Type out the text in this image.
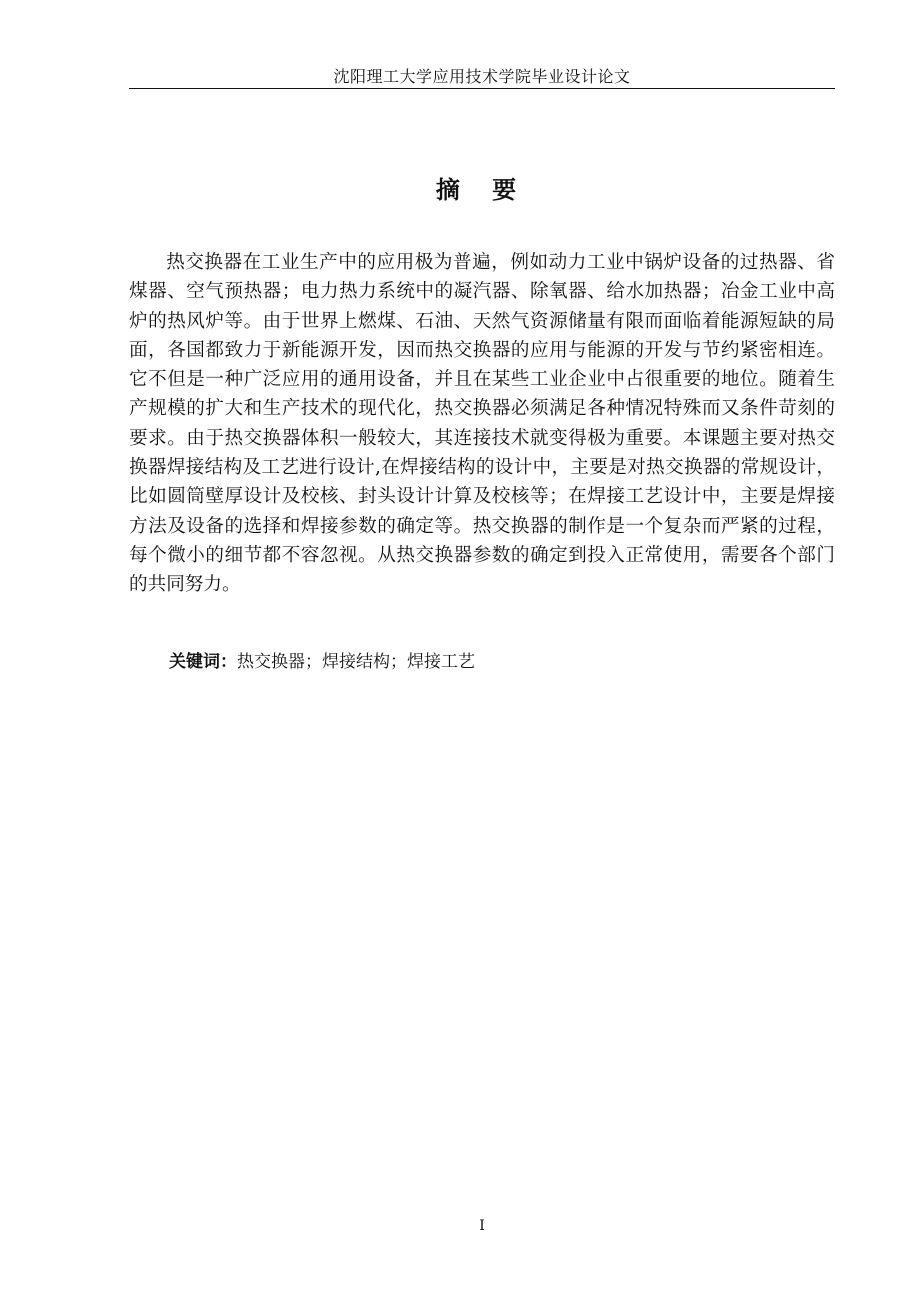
沈阳理工大学应用技术学院毕业设计论文
摘 要

热交换器在工业生产中的应用极为普遍，例如动力工业中锅炉设备的过热器、省煤器、空气预热器；电力热力系统中的凝汽器、除氧器、给水加热器；冶金工业中高炉的热风炉等。由于世界上燃煤、石油、天然气资源储量有限而面临着能源短缺的局面，各国都致力于新能源开发，因而热交换器的应用与能源的开发与节约紧密相连。它不但是一种广泛应用的通用设备，并且在某些工业企业中占很重要的地位。随着生产规模的扩大和生产技术的现代化，热交换器必须满足各种情况特殊而又条件苛刻的要求。由于热交换器体积一般较大，其连接技术就变得极为重要。本课题主要对热交换器焊接结构及工艺进行设计,在焊接结构的设计中，主要是对热交换器的常规设计，比如圆筒壁厚设计及校核、封头设计计算及校核等；在焊接工艺设计中，主要是焊接方法及设备的选择和焊接参数的确定等。热交换器的制作是一个复杂而严紧的过程，每个微小的细节都不容忽视。从热交换器参数的确定到投入正常使用，需要各个部门的共同努力。

关键词：热交换器；焊接结构；焊接工艺
I
